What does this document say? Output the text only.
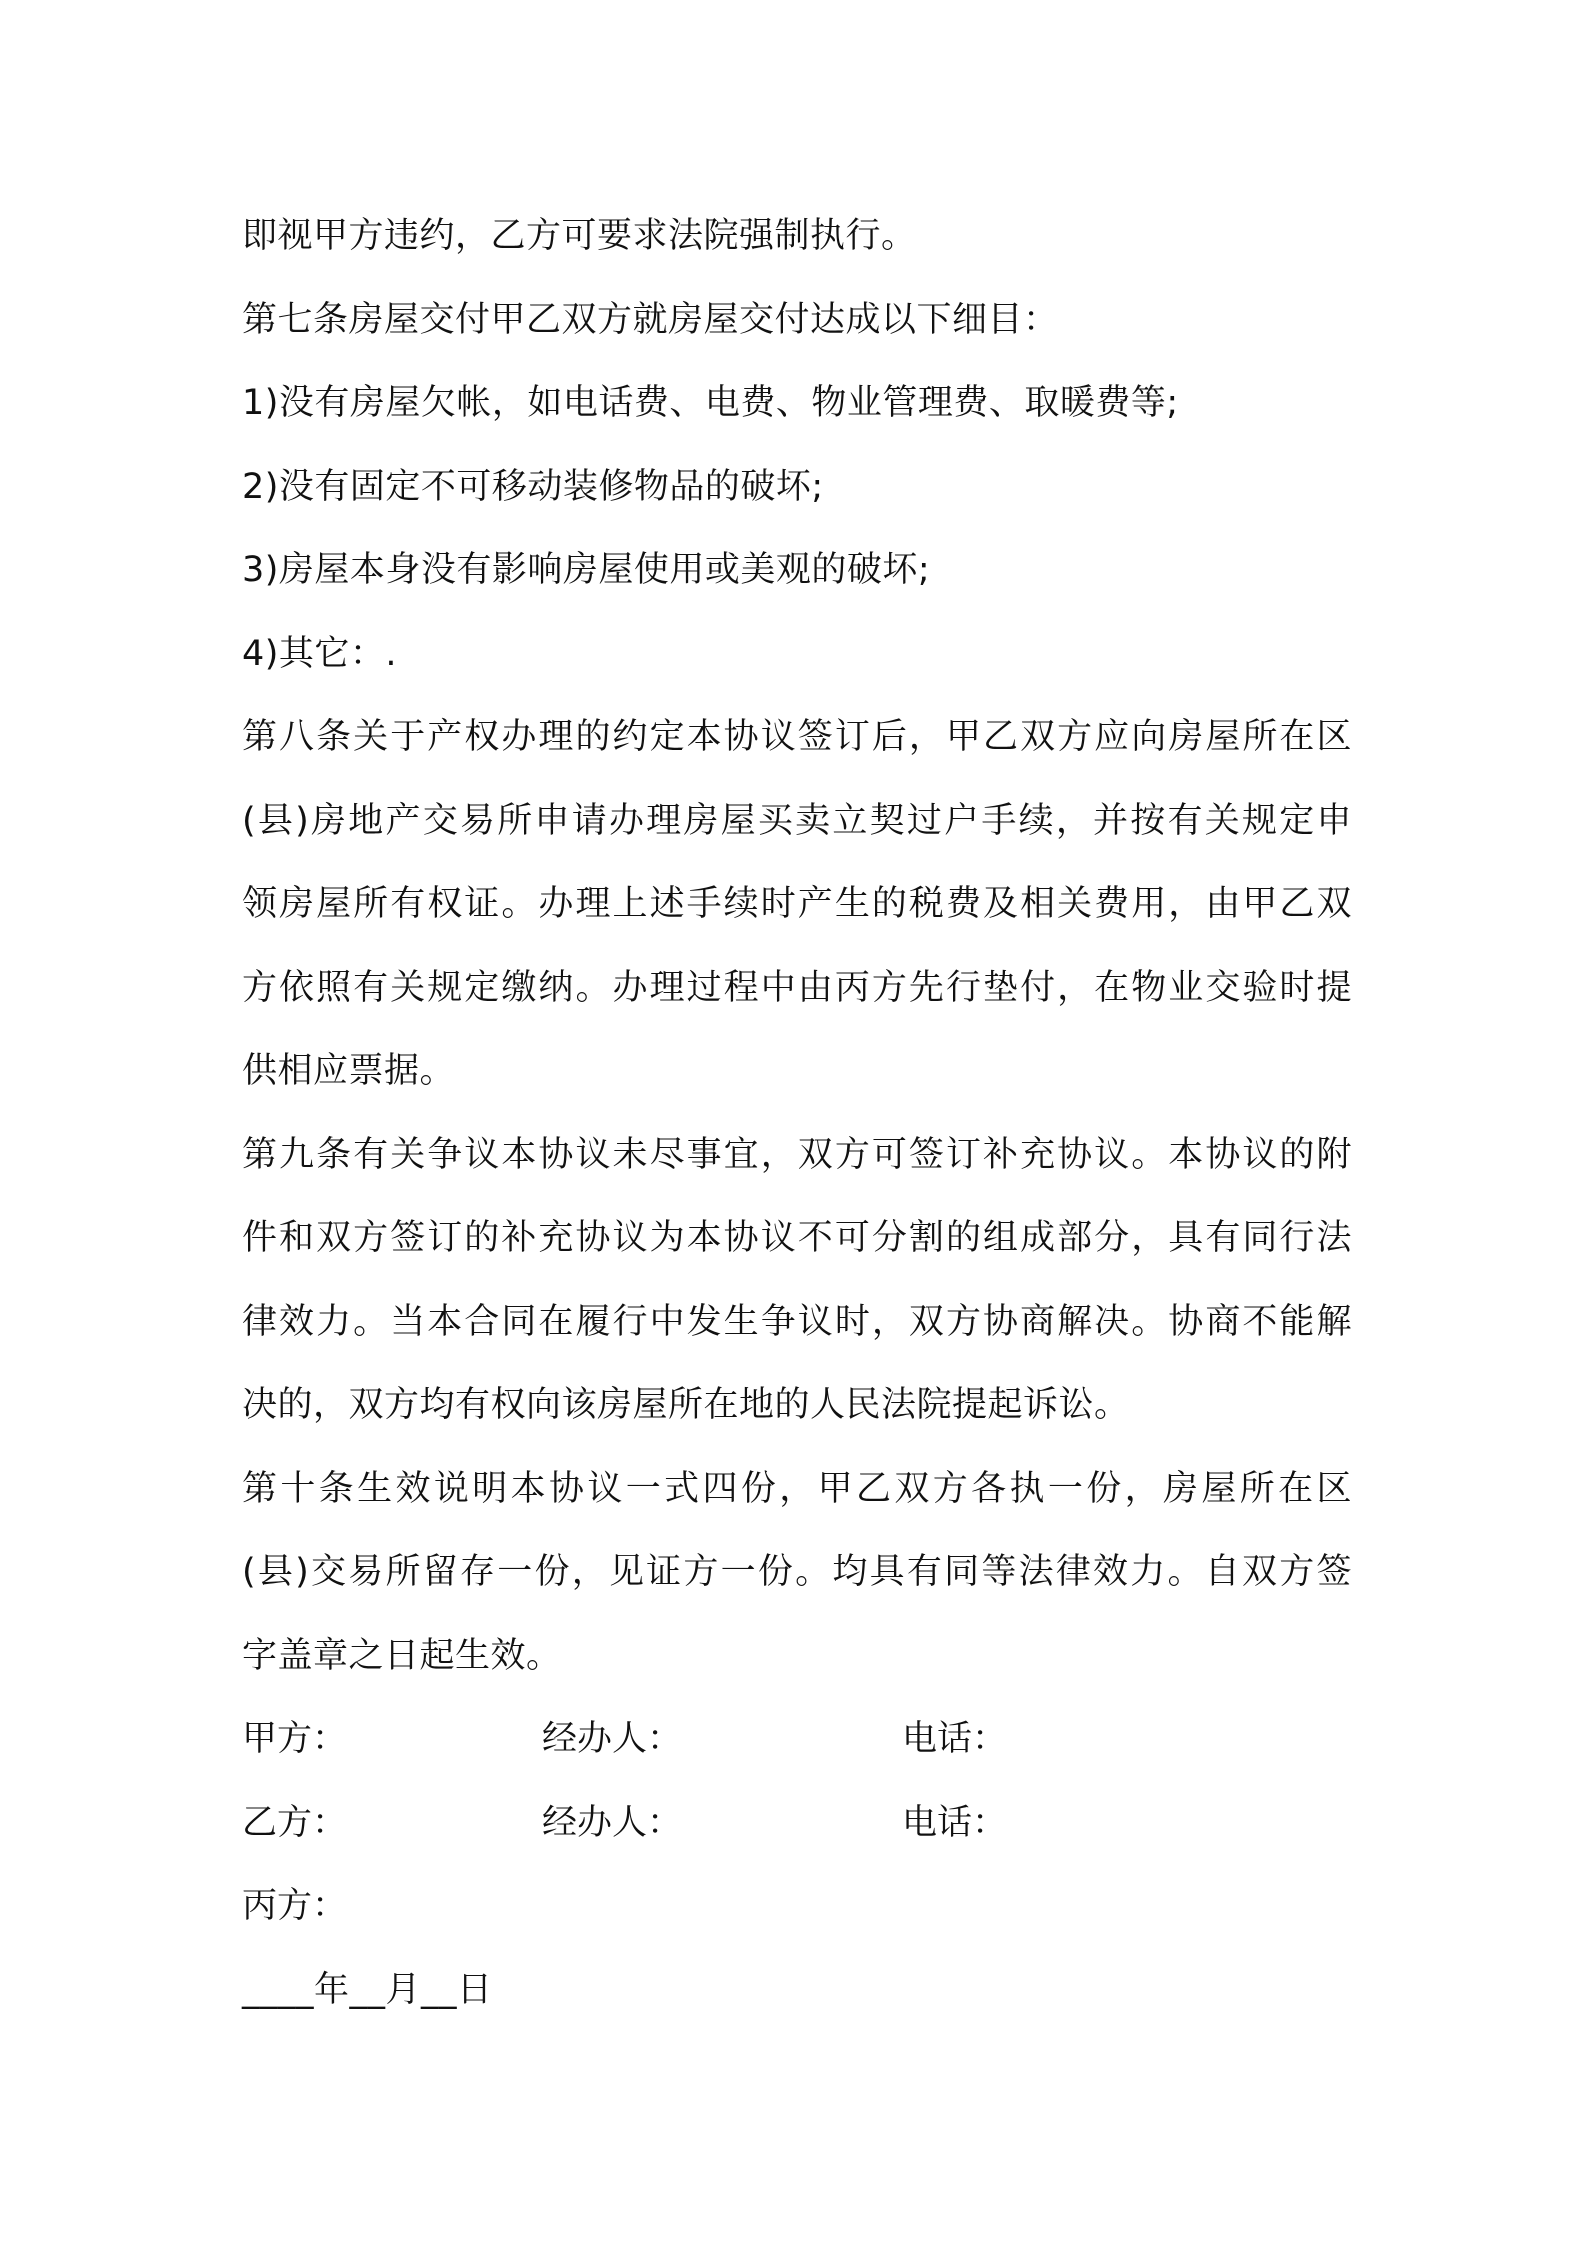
即视甲方违约，乙方可要求法院强制执行。
第七条房屋交付甲乙双方就房屋交付达成以下细目：
1)没有房屋欠帐，如电话费、电费、物业管理费、取暖费等;
2)没有固定不可移动装修物品的破坏;
3)房屋本身没有影响房屋使用或美观的破坏;
4)其它：.
第八条关于产权办理的约定本协议签订后，甲乙双方应向房屋所在区
(县)房地产交易所申请办理房屋买卖立契过户手续，并按有关规定申
领房屋所有权证。办理上述手续时产生的税费及相关费用，由甲乙双
方依照有关规定缴纳。办理过程中由丙方先行垫付，在物业交验时提
供相应票据。
第九条有关争议本协议未尽事宜，双方可签订补充协议。本协议的附
件和双方签订的补充协议为本协议不可分割的组成部分，具有同行法
律效力。当本合同在履行中发生争议时，双方协商解决。协商不能解
决的，双方均有权向该房屋所在地的人民法院提起诉讼。
第十条生效说明本协议一式四份，甲乙双方各执一份，房屋所在区
(县)交易所留存一份，见证方一份。均具有同等法律效力。自双方签
字盖章之日起生效。
甲方：	经办人：	电话：
乙方：	经办人：	电话：
丙方：
____年__月__日
